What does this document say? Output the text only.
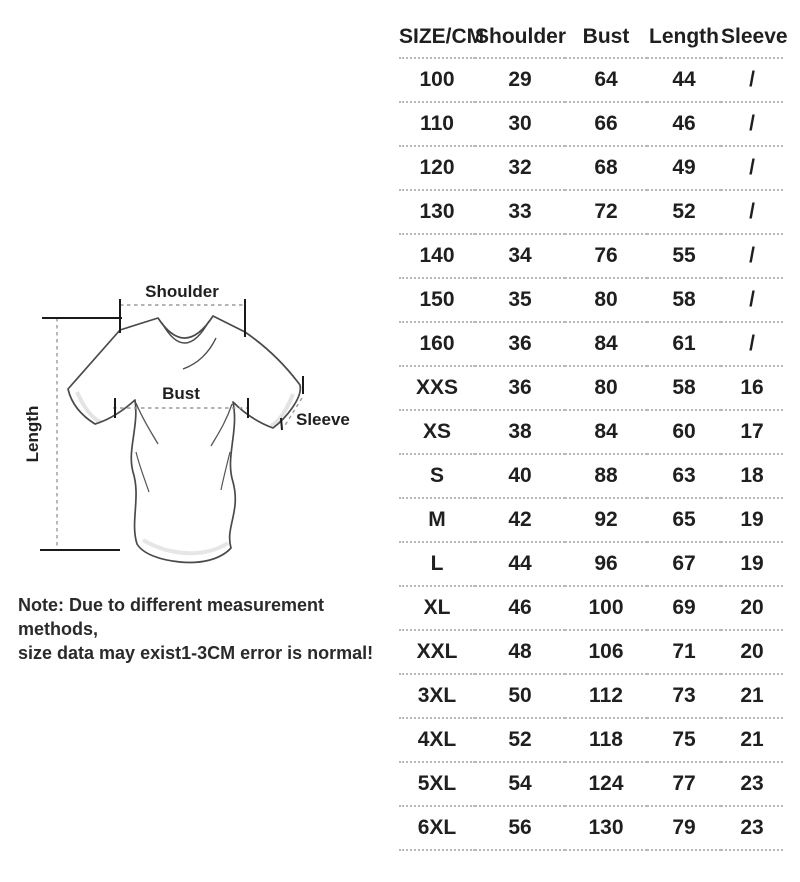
Shoulder
Bust
Length	Sleeve
Note: Due to different measurement methods,
size data may exist1-3CM error is normal!
SIZE/CM	Shoulder	Bust	Length	Sleeve
100	29	64	44	/
110	30	66	46	/
120	32	68	49	/
130	33	72	52	/
140	34	76	55	/
150	35	80	58	/
160	36	84	61	/
XXS	36	80	58	16
XS	38	84	60	17
S	40	88	63	18
M	42	92	65	19
L	44	96	67	19
XL	46	100	69	20
XXL	48	106	71	20
3XL	50	112	73	21
4XL	52	118	75	21
5XL	54	124	77	23
6XL	56	130	79	23
